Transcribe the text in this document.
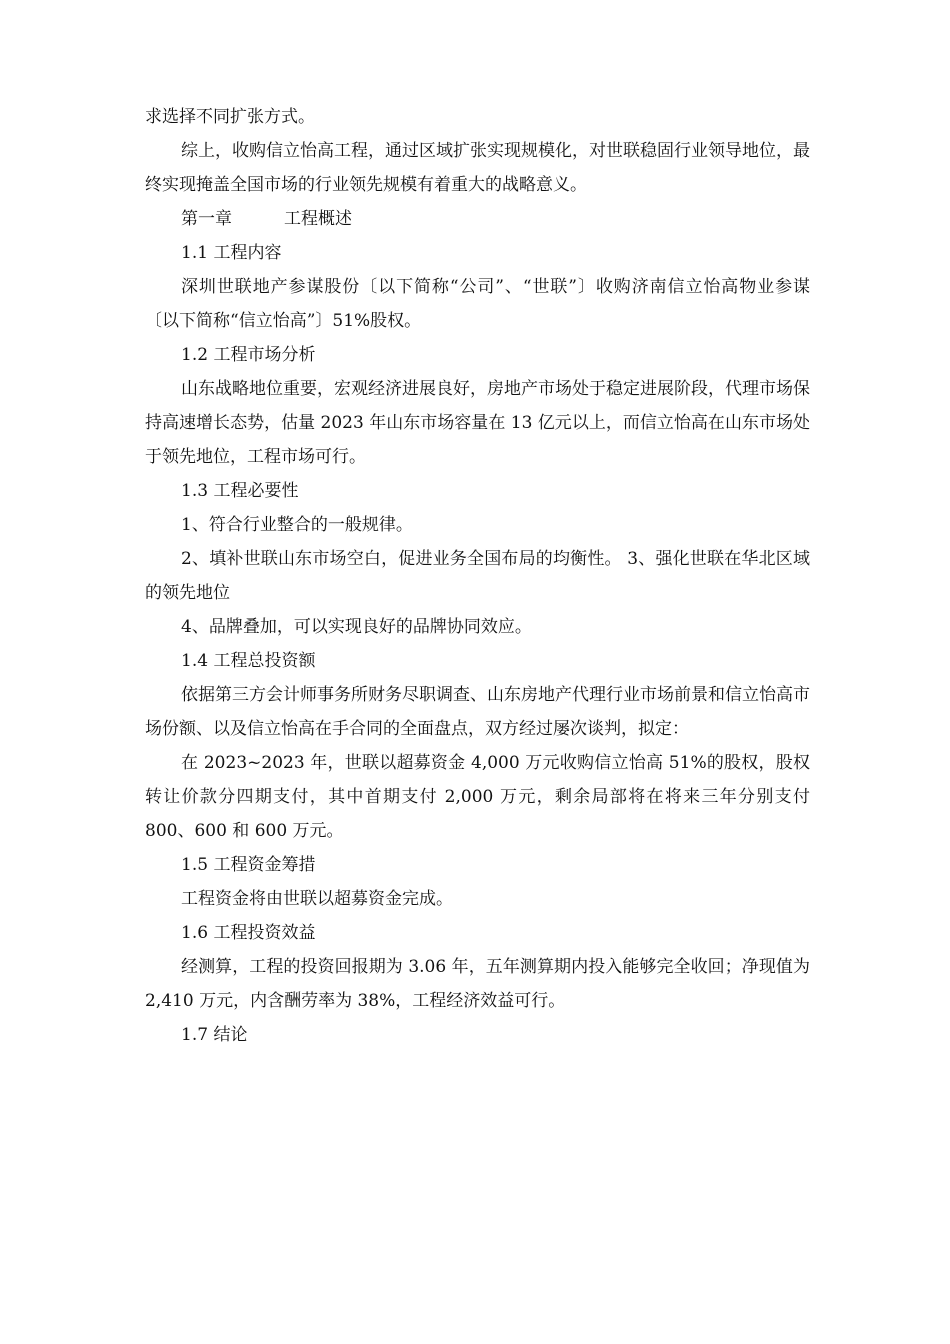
求选择不同扩张方式。

综上，收购信立怡高工程，通过区域扩张实现规模化，对世联稳固行业领导地位，最终实现掩盖全国市场的行业领先规模有着重大的战略意义。

第一章	工程概述

1.1 工程内容

深圳世联地产参谋股份〔以下简称“公司”、“世联”〕收购济南信立怡高物业参谋〔以下简称“信立怡高”〕51%股权。

1.2 工程市场分析

山东战略地位重要，宏观经济进展良好，房地产市场处于稳定进展阶段，代理市场保持高速增长态势，估量 2023 年山东市场容量在 13 亿元以上，而信立怡高在山东市场处于领先地位，工程市场可行。

1.3 工程必要性

1、符合行业整合的一般规律。

2、填补世联山东市场空白，促进业务全国布局的均衡性。 3、强化世联在华北区域的领先地位

4、品牌叠加，可以实现良好的品牌协同效应。

1.4 工程总投资额

依据第三方会计师事务所财务尽职调查、山东房地产代理行业市场前景和信立怡高市场份额、以及信立怡高在手合同的全面盘点，双方经过屡次谈判，拟定：

在 2023~2023 年，世联以超募资金 4,000 万元收购信立怡高 51%的股权，股权转让价款分四期支付，其中首期支付 2,000 万元，剩余局部将在将来三年分别支付 800、600 和 600 万元。

1.5 工程资金筹措

工程资金将由世联以超募资金完成。

1.6 工程投资效益

经测算，工程的投资回报期为 3.06 年，五年测算期内投入能够完全收回；净现值为 2,410 万元，内含酬劳率为 38%，工程经济效益可行。

1.7 结论
